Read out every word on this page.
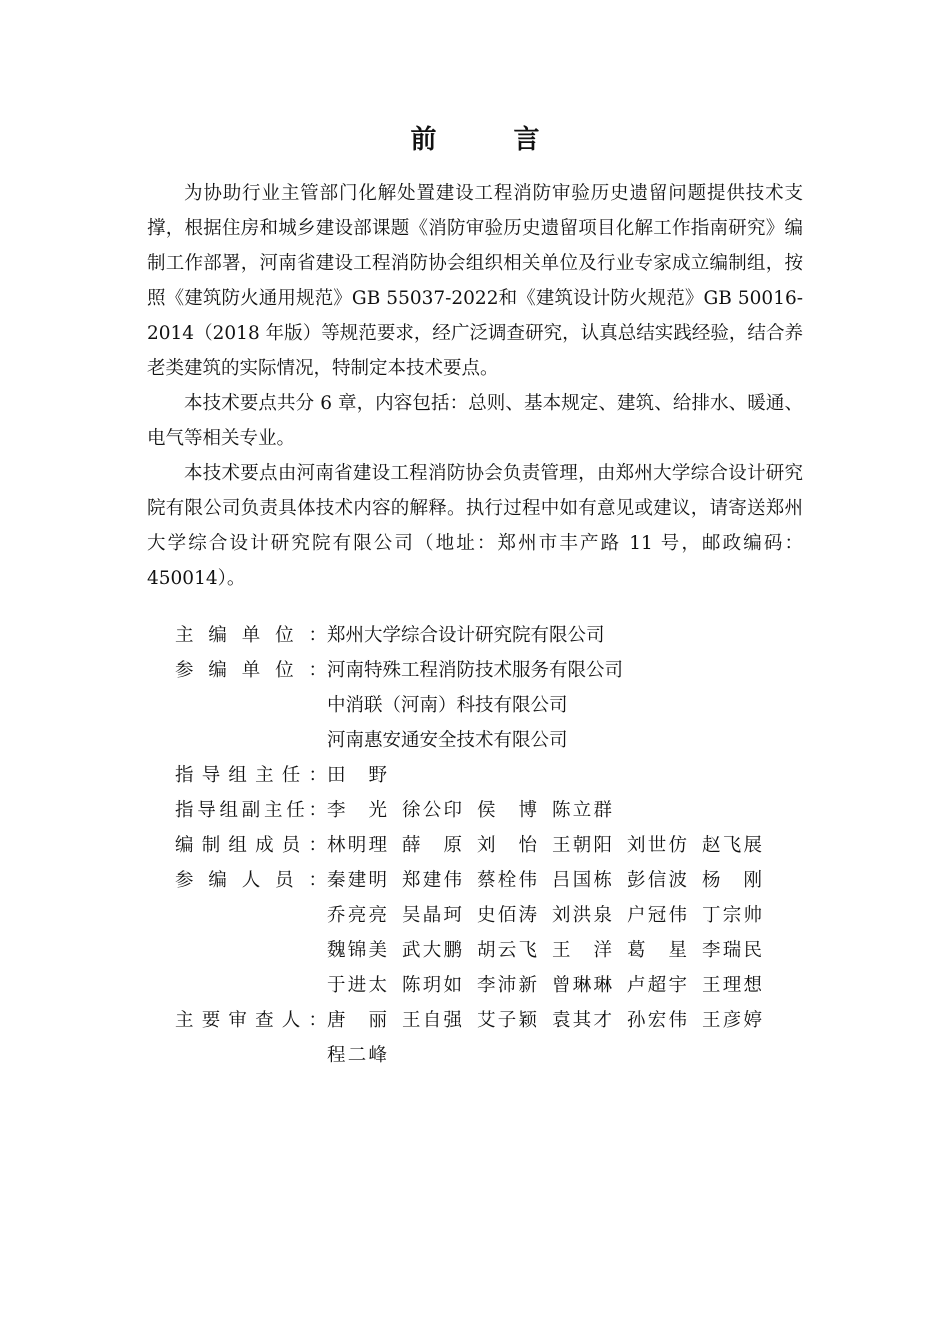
前 言

为协助行业主管部门化解处置建设工程消防审验历史遗留问题提供技术支撑，根据住房和城乡建设部课题《消防审验历史遗留项目化解工作指南研究》编制工作部署，河南省建设工程消防协会组织相关单位及行业专家成立编制组，按照《建筑防火通用规范》GB 55037-2022和《建筑设计防火规范》GB 50016-2014（2018 年版）等规范要求，经广泛调查研究，认真总结实践经验，结合养老类建筑的实际情况，特制定本技术要点。

本技术要点共分 6 章，内容包括：总则、基本规定、建筑、给排水、暖通、电气等相关专业。

本技术要点由河南省建设工程消防协会负责管理，由郑州大学综合设计研究院有限公司负责具体技术内容的解释。执行过程中如有意见或建议，请寄送郑州大学综合设计研究院有限公司（地址：郑州市丰产路 11 号，邮政编码：450014）。

主编单位： 郑州大学综合设计研究院有限公司
参编单位： 河南特殊工程消防技术服务有限公司
中消联（河南）科技有限公司
河南惠安通安全技术有限公司
指导组主任： 田野
指导组副主任： 李光 徐公印 侯博 陈立群
编制组成员： 林明理 薛原 刘怡 王朝阳 刘世仿 赵飞展
参编人员： 秦建明 郑建伟 蔡栓伟 吕国栋 彭信波 杨刚
乔亮亮 吴晶珂 史佰涛 刘洪泉 户冠伟 丁宗帅
魏锦美 武大鹏 胡云飞 王洋 葛星 李瑞民
于进太 陈玥如 李沛新 曾琳琳 卢超宇 王理想
主要审查人： 唐丽 王自强 艾子颖 袁其才 孙宏伟 王彦婷
程二峰
